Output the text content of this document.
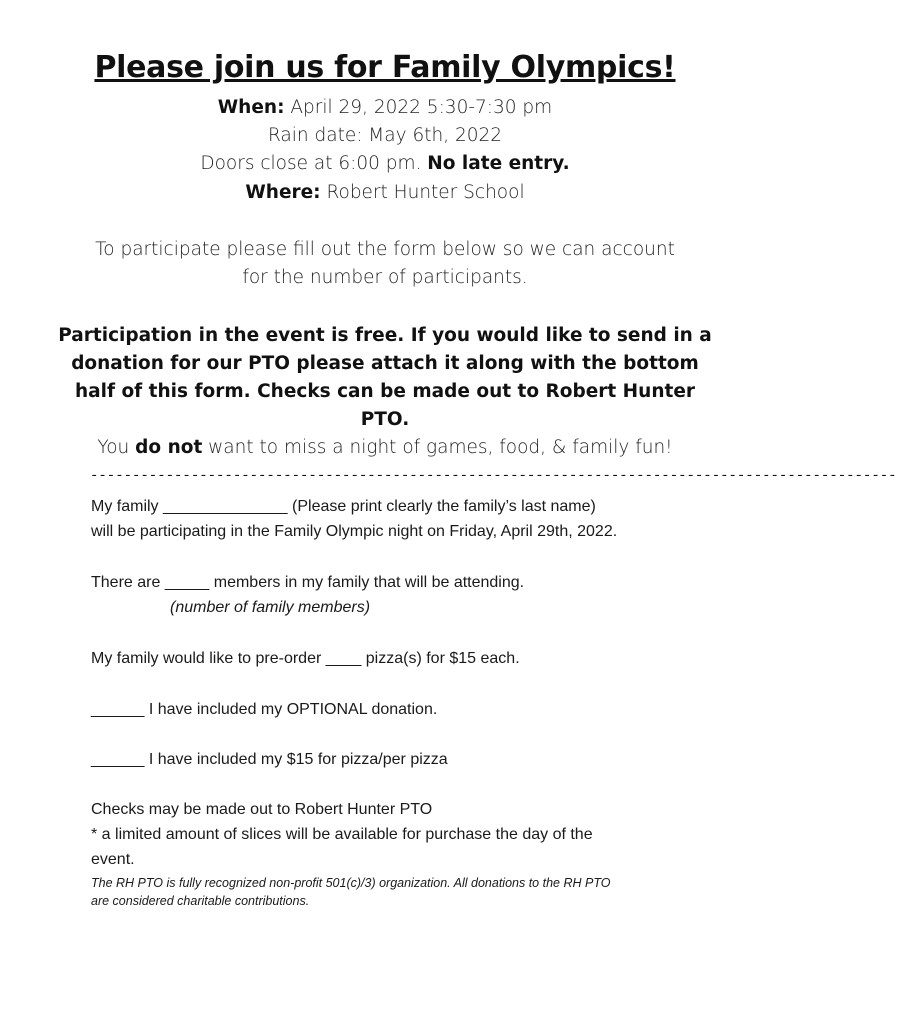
Please join us for Family Olympics!
When: April 29, 2022 5:30-7:30 pm
Rain date: May 6th, 2022
Doors close at 6:00 pm. No late entry.
Where: Robert Hunter School
To participate please fill out the form below so we can account
for the number of participants.
Participation in the event is free. If you would like to send in a
donation for our PTO please attach it along with the bottom
half of this form. Checks can be made out to Robert Hunter
PTO.
You do not want to miss a night of games, food, & family fun!
------------------------------------------------------------------------------------------------
My family ______________ (Please print clearly the family’s last name)
will be participating in the Family Olympic night on Friday, April 29th, 2022.
There are _____ members in my family that will be attending.
(number of family members)
My family would like to pre-order ____ pizza(s) for $15 each.
______ I have included my OPTIONAL donation.
______ I have included my $15 for pizza/per pizza
Checks may be made out to Robert Hunter PTO
* a limited amount of slices will be available for purchase the day of the
event.
The RH PTO is fully recognized non-profit 501(c)/3) organization. All donations to the RH PTO
are considered charitable contributions.
